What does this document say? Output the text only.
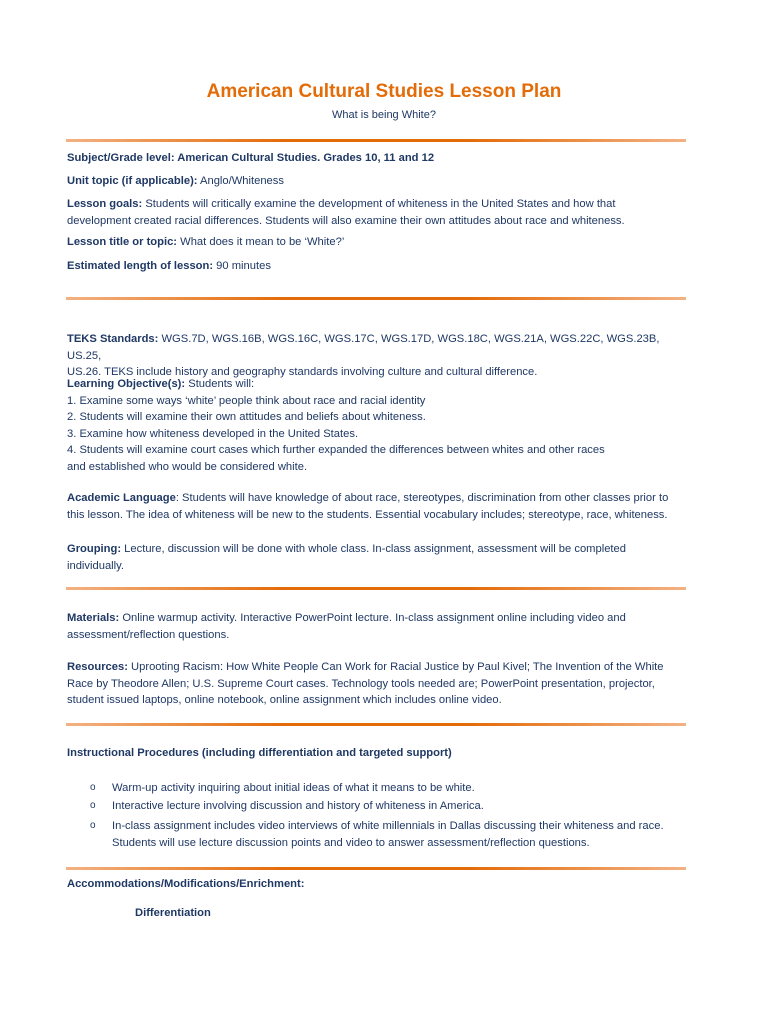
American Cultural Studies Lesson Plan
What is being White?
Subject/Grade level: American Cultural Studies. Grades 10, 11 and 12
Unit topic (if applicable): Anglo/Whiteness
Lesson goals: Students will critically examine the development of whiteness in the United States and how that
development created racial differences. Students will also examine their own attitudes about race and whiteness.
Lesson title or topic: What does it mean to be ‘White?’
Estimated length of lesson: 90 minutes
TEKS Standards: WGS.7D, WGS.16B, WGS.16C, WGS.17C, WGS.17D, WGS.18C, WGS.21A, WGS.22C, WGS.23B, US.25,
US.26. TEKS include history and geography standards involving culture and cultural difference.
Learning Objective(s): Students will:
1. Examine some ways ‘white’ people think about race and racial identity
2. Students will examine their own attitudes and beliefs about whiteness.
3. Examine how whiteness developed in the United States.
4. Students will examine court cases which further expanded the differences between whites and other races
and established who would be considered white.
Academic Language: Students will have knowledge of about race, stereotypes, discrimination from other classes prior to
this lesson. The idea of whiteness will be new to the students. Essential vocabulary includes; stereotype, race, whiteness.
Grouping: Lecture, discussion will be done with whole class. In-class assignment, assessment will be completed
individually.
Materials: Online warmup activity. Interactive PowerPoint lecture. In-class assignment online including video and
assessment/reflection questions.
Resources: Uprooting Racism: How White People Can Work for Racial Justice by Paul Kivel; The Invention of the White
Race by Theodore Allen; U.S. Supreme Court cases. Technology tools needed are; PowerPoint presentation, projector,
student issued laptops, online notebook, online assignment which includes online video.
Instructional Procedures (including differentiation and targeted support)
o Warm-up activity inquiring about initial ideas of what it means to be white.
o Interactive lecture involving discussion and history of whiteness in America.
o In-class assignment includes video interviews of white millennials in Dallas discussing their whiteness and race.
Students will use lecture discussion points and video to answer assessment/reflection questions.
Accommodations/Modifications/Enrichment:
Differentiation
